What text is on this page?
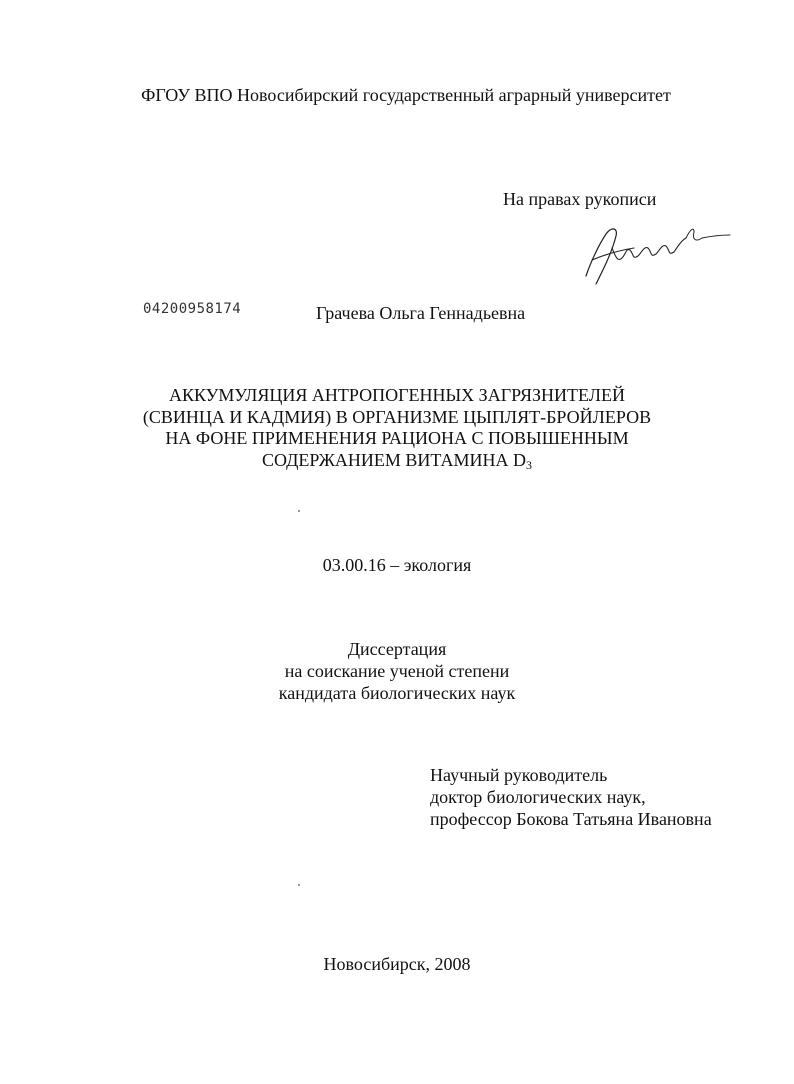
ФГОУ ВПО Новосибирский государственный аграрный университет
На правах рукописи
04200958174	Грачева Ольга Геннадьевна
АККУМУЛЯЦИЯ АНТРОПОГЕННЫХ ЗАГРЯЗНИТЕЛЕЙ
(СВИНЦА И КАДМИЯ) В ОРГАНИЗМЕ ЦЫПЛЯТ-БРОЙЛЕРОВ
НА ФОНЕ ПРИМЕНЕНИЯ РАЦИОНА С ПОВЫШЕННЫМ
СОДЕРЖАНИЕМ ВИТАМИНА $D_3$
03.00.16 – экология
Диссертация
на соискание ученой степени
кандидата биологических наук
Научный руководитель
доктор биологических наук,
профессор Бокова Татьяна Ивановна
Новосибирск, 2008
